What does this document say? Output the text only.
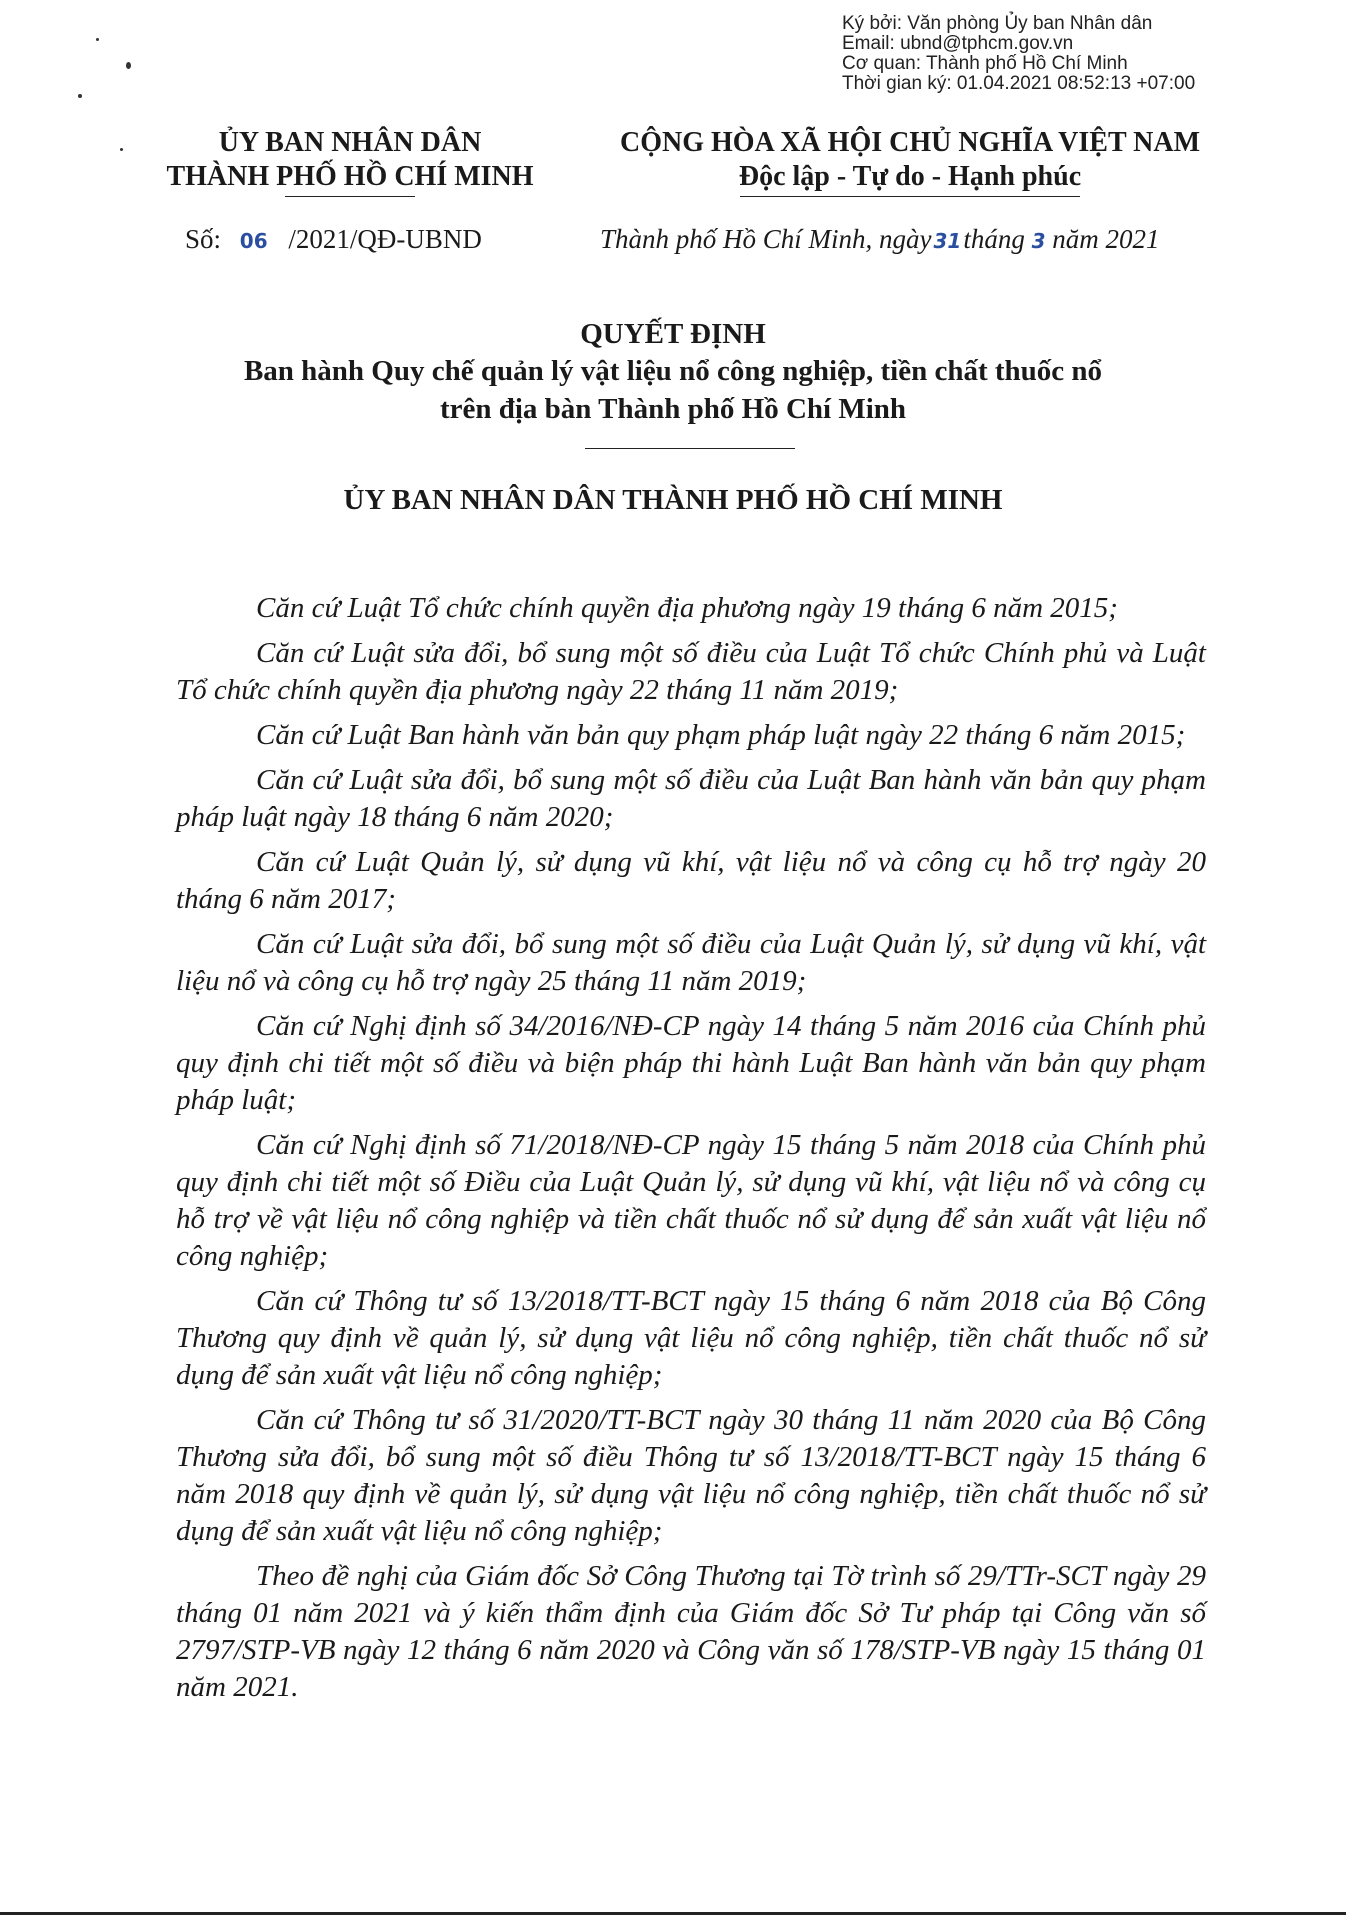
Ký bởi: Văn phòng Ủy ban Nhân dân
Email: ubnd@tphcm.gov.vn
Cơ quan: Thành phố Hồ Chí Minh
Thời gian ký: 01.04.2021 08:52:13 +07:00
ỦY BAN NHÂN DÂN
THÀNH PHỐ HỒ CHÍ MINH
CỘNG HÒA XÃ HỘI CHỦ NGHĨA VIỆT NAM
Độc lập - Tự do - Hạnh phúc
Số: 06 /2021/QĐ-UBND	Thành phố Hồ Chí Minh, ngày 31tháng 3 năm 2021
QUYẾT ĐỊNH
Ban hành Quy chế quản lý vật liệu nổ công nghiệp, tiền chất thuốc nổ
trên địa bàn Thành phố Hồ Chí Minh
ỦY BAN NHÂN DÂN THÀNH PHỐ HỒ CHÍ MINH

Căn cứ Luật Tổ chức chính quyền địa phương ngày 19 tháng 6 năm 2015;

Căn cứ Luật sửa đổi, bổ sung một số điều của Luật Tổ chức Chính phủ và Luật Tổ chức chính quyền địa phương ngày 22 tháng 11 năm 2019;

Căn cứ Luật Ban hành văn bản quy phạm pháp luật ngày 22 tháng 6 năm 2015;

Căn cứ Luật sửa đổi, bổ sung một số điều của Luật Ban hành văn bản quy phạm pháp luật ngày 18 tháng 6 năm 2020;

Căn cứ Luật Quản lý, sử dụng vũ khí, vật liệu nổ và công cụ hỗ trợ ngày 20 tháng 6 năm 2017;

Căn cứ Luật sửa đổi, bổ sung một số điều của Luật Quản lý, sử dụng vũ khí, vật liệu nổ và công cụ hỗ trợ ngày 25 tháng 11 năm 2019;

Căn cứ Nghị định số 34/2016/NĐ-CP ngày 14 tháng 5 năm 2016 của Chính phủ quy định chi tiết một số điều và biện pháp thi hành Luật Ban hành văn bản quy phạm pháp luật;

Căn cứ Nghị định số 71/2018/NĐ-CP ngày 15 tháng 5 năm 2018 của Chính phủ quy định chi tiết một số Điều của Luật Quản lý, sử dụng vũ khí, vật liệu nổ và công cụ hỗ trợ về vật liệu nổ công nghiệp và tiền chất thuốc nổ sử dụng để sản xuất vật liệu nổ công nghiệp;

Căn cứ Thông tư số 13/2018/TT-BCT ngày 15 tháng 6 năm 2018 của Bộ Công Thương quy định về quản lý, sử dụng vật liệu nổ công nghiệp, tiền chất thuốc nổ sử dụng để sản xuất vật liệu nổ công nghiệp;

Căn cứ Thông tư số 31/2020/TT-BCT ngày 30 tháng 11 năm 2020 của Bộ Công Thương sửa đổi, bổ sung một số điều Thông tư số 13/2018/TT-BCT ngày 15 tháng 6 năm 2018 quy định về quản lý, sử dụng vật liệu nổ công nghiệp, tiền chất thuốc nổ sử dụng để sản xuất vật liệu nổ công nghiệp;

Theo đề nghị của Giám đốc Sở Công Thương tại Tờ trình số 29/TTr-SCT ngày 29 tháng 01 năm 2021 và ý kiến thẩm định của Giám đốc Sở Tư pháp tại Công văn số 2797/STP-VB ngày 12 tháng 6 năm 2020 và Công văn số 178/STP-VB ngày 15 tháng 01 năm 2021.
